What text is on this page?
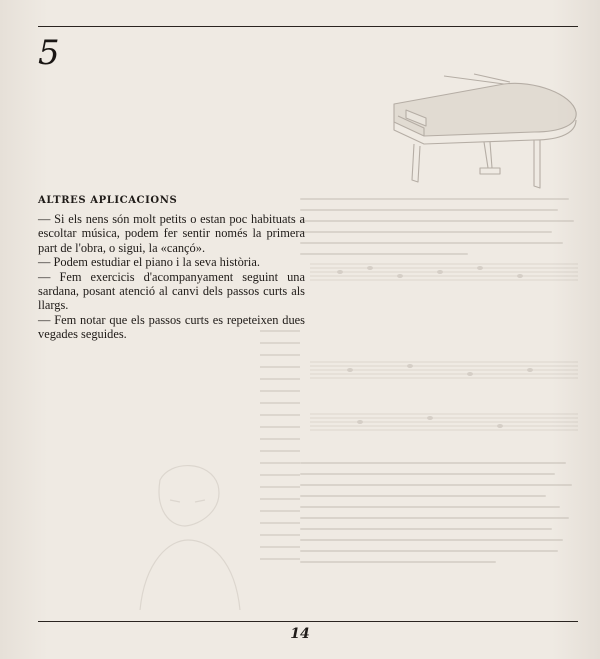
5
ALTRES APLICACIONS

— Si els nens són molt petits o estan poc habituats a escoltar música, podem fer sentir només la primera part de l'obra, o sigui, la «cançó».

— Podem estudiar el piano i la seva història.

— Fem exercicis d'acompanyament seguint una sardana, posant atenció al canvi dels passos curts als llargs.

— Fem notar que els passos curts es repeteixen dues vegades seguides.

14
